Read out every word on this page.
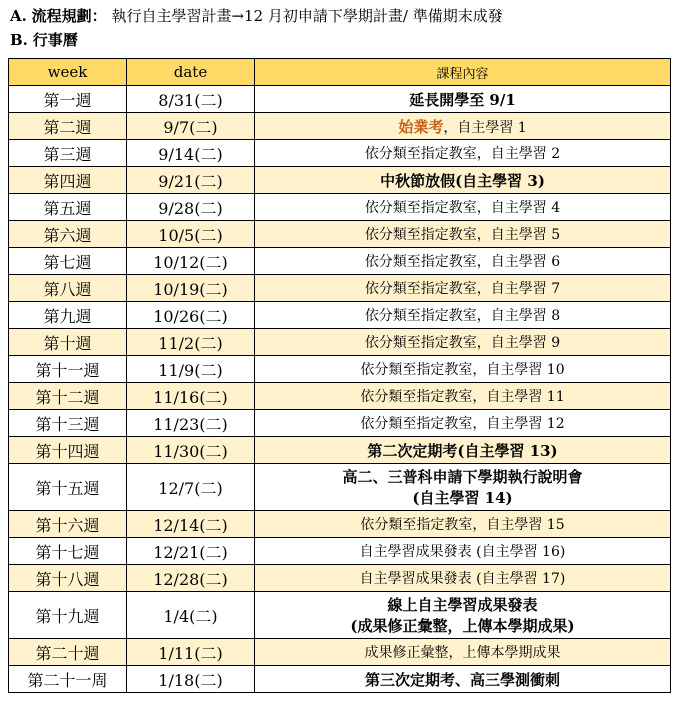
A. 流程規劃： 執行自主學習計畫→12 月初申請下學期計畫/ 準備期末成發
B. 行事曆
week	date	課程內容
第一週	8/31(二)	延長開學至 9/1
第二週	9/7(二)	始業考，自主學習 1
第三週	9/14(二)	依分類至指定教室，自主學習 2
第四週	9/21(二)	中秋節放假(自主學習 3)
第五週	9/28(二)	依分類至指定教室，自主學習 4
第六週	10/5(二)	依分類至指定教室，自主學習 5
第七週	10/12(二)	依分類至指定教室，自主學習 6
第八週	10/19(二)	依分類至指定教室，自主學習 7
第九週	10/26(二)	依分類至指定教室，自主學習 8
第十週	11/2(二)	依分類至指定教室，自主學習 9
第十一週	11/9(二)	依分類至指定教室，自主學習 10
第十二週	11/16(二)	依分類至指定教室，自主學習 11
第十三週	11/23(二)	依分類至指定教室，自主學習 12
第十四週	11/30(二)	第二次定期考(自主學習 13)
第十五週	12/7(二)	高二、三普科申請下學期執行說明會
(自主學習 14)
第十六週	12/14(二)	依分類至指定教室，自主學習 15
第十七週	12/21(二)	自主學習成果發表 (自主學習 16)
第十八週	12/28(二)	自主學習成果發表 (自主學習 17)
第十九週	1/4(二)	線上自主學習成果發表
(成果修正彙整，上傳本學期成果)
第二十週	1/11(二)	成果修正彙整，上傳本學期成果
第二十一周	1/18(二)	第三次定期考、高三學測衝刺
